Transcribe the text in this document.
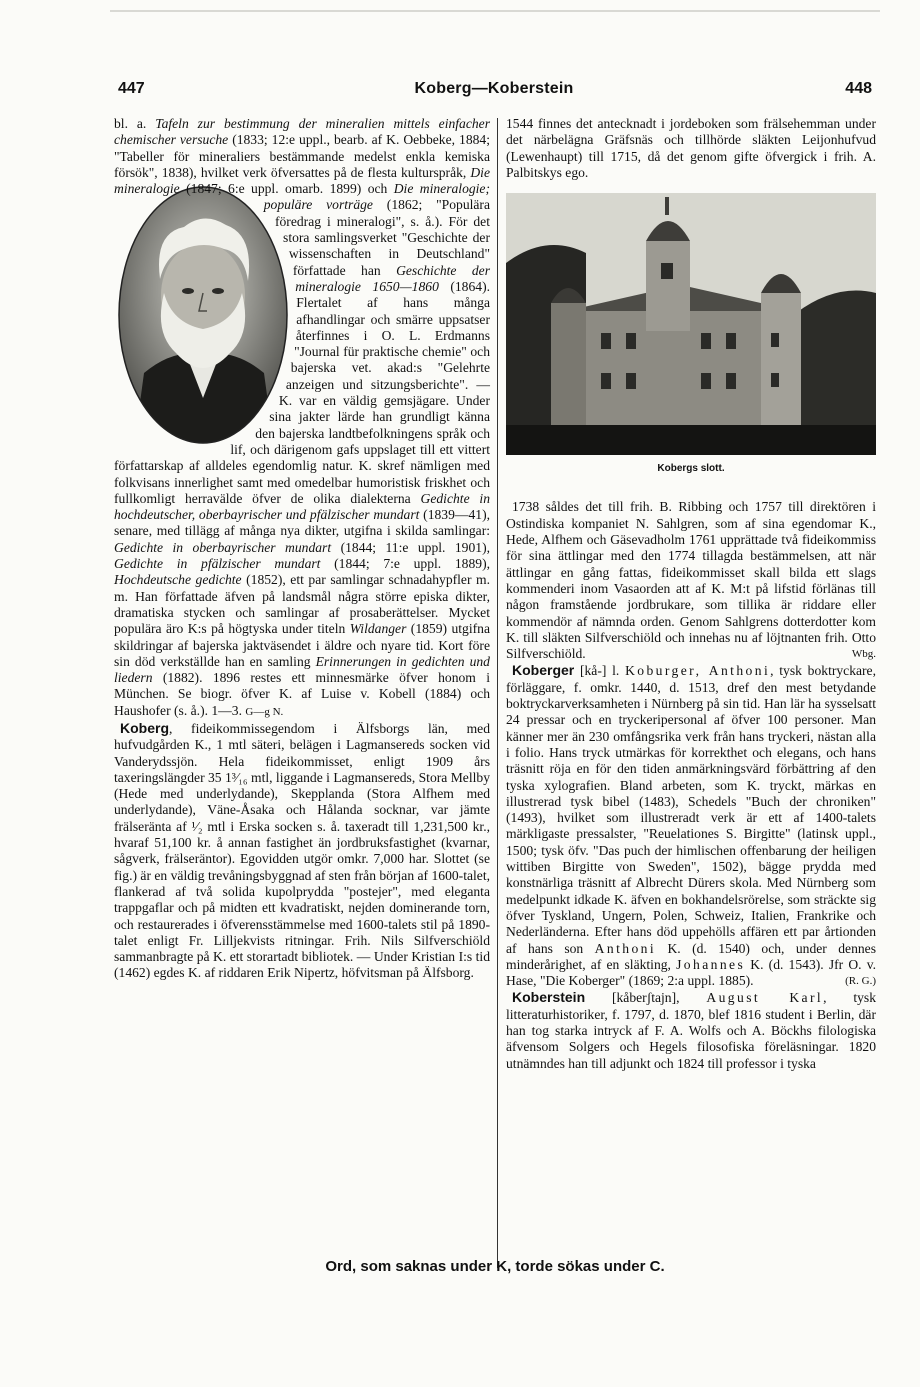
447	Koberg—Koberstein	448

bl. a. Tafeln zur bestimmung der mineralien mittels einfacher chemischer versuche (1833; 12:e uppl., bearb. af K. Oebbeke, 1884; "Tabeller för mineraliers bestämmande medelst enkla kemiska försök", 1838), hvilket verk öfversattes på de flesta kulturspråk, Die mineralogie
(1847; 6:e uppl. omarb. 1899) och Die mineralogie; populäre vorträge (1862; "Populära föredrag i mineralogi", s. å.). För det stora samlingsverket "Geschichte der wissenschaften in Deutschland" författade han Geschichte der mineralogie 1650—1860 (1864). Flertalet af hans många afhandlingar och smärre uppsatser återfinnes i O. L. Erdmanns "Journal für praktische chemie" och bajerska vet. akad:s "Gelehrte anzeigen und sitzungsberichte". — K. var en väldig gemsjägare. Under sina jakter lärde han grundligt känna den bajerska landtbefolkningens språk och lif, och därigenom gafs uppslaget till ett vittert författarskap af alldeles egendomlig natur. K. skref nämligen med folkvisans innerlighet samt med omedelbar humoristisk friskhet och fullkomligt herravälde öfver de olika dialekterna Gedichte in hochdeutscher, oberbayrischer und pfälzischer mundart (1839—41), senare, med tillägg af många nya dikter, utgifna i skilda samlingar: Gedichte in oberbayrischer mundart (1844; 11:e uppl. 1901), Gedichte in pfälzischer mundart (1844; 7:e uppl. 1889), Hochdeutsche gedichte (1852), ett par samlingar schnadahypfler m. m. Han författade äfven på landsmål några större episka dikter, dramatiska stycken och samlingar af prosaberättelser. Mycket populära äro K:s på högtyska under titeln Wildanger (1859) utgifna skildringar af bajerska jaktväsendet i äldre och nyare tid. Kort före sin död verkställde han en samling Erinnerungen in gedichten und liedern (1882). 1896 restes ett minnesmärke öfver honom i München. Se biogr. öfver K. af Luise v. Kobell (1884) och Haushofer (s. å.). 1—3. G—g N.

Koberg, fideikommissegendom i Älfsborgs län, med hufvudgården K., 1 mtl säteri, belägen i Lagmansereds socken vid Vanderydssjön. Hela fideikommisset, enligt 1909 års taxeringslängder 35 1³⁄₁₆ mtl, liggande i Lagmansereds, Stora Mellby (Hede med underlydande), Skepplanda (Stora Alfhem med underlydande), Väne-Åsaka och Hålanda socknar, var jämte frälseränta af ¹⁄₂ mtl i Erska socken s. å. taxeradt till 1,231,500 kr., hvaraf 51,100 kr. å annan fastighet än jordbruksfastighet (kvarnar, sågverk, frälseräntor). Egovidden utgör omkr. 7,000 har. Slottet (se fig.) är en väldig trevåningsbyggnad af sten från början af 1600-talet, flankerad af två solida kupolprydda "postejer", med eleganta trappgaflar och på midten ett kvadratiskt, nejden dominerande torn, och restaurerades i öfverensstämmelse med 1600-talets stil på 1890-talet enligt Fr. Lilljekvists ritningar. Frih. Nils Silfverschiöld sammanbragte på K. ett storartadt bibliotek. — Under Kristian I:s tid (1462) egdes K. af riddaren Erik Nipertz, höfvitsman på Älfsborg.

1544 finnes det antecknadt i jordeboken som frälsehemman under det närbelägna Gräfsnäs och tillhörde släkten Leijonhufvud (Lewenhaupt) till 1715, då det genom gifte öfvergick i frih. A. Palbitskys ego.

Kobergs slott.

1738 såldes det till frih. B. Ribbing och 1757 till direktören i Ostindiska kompaniet N. Sahlgren, som af sina egendomar K., Hede, Alfhem och Gäsevadholm 1761 upprättade två fideikommiss för sina ättlingar med den 1774 tillagda bestämmelsen, att när ättlingar en gång fattas, fideikommisset skall bilda ett slags kommenderi inom Vasaorden att af K. M:t på lifstid förlänas till någon framstående jordbrukare, som tillika är riddare eller kommendör af nämnda orden. Genom Sahlgrens dotterdotter kom K. till släkten Silfverschiöld och innehas nu af löjtnanten frih. Otto Silfverschiöld.	Wbg.

Koberger [kå-] l. Koburger, Anthoni, tysk boktryckare, förläggare, f. omkr. 1440, d. 1513, dref den mest betydande boktryckarverksamheten i Nürnberg på sin tid. Han lär ha sysselsatt 24 pressar och en tryckeripersonal af öfver 100 personer. Man känner mer än 230 omfångsrika verk från hans tryckeri, nästan alla i folio. Hans tryck utmärkas för korrekthet och elegans, och hans träsnitt röja en för den tiden anmärkningsvärd förbättring af den tyska xylografien. Bland arbeten, som K. tryckt, märkas en illustrerad tysk bibel (1483), Schedels "Buch der chroniken" (1493), hvilket som illustreradt verk är ett af 1400-talets märkligaste pressalster, "Reuelationes S. Birgitte" (latinsk uppl., 1500; tysk öfv. "Das puch der himlischen offenbarung der heiligen wittiben Birgitte von Sweden", 1502), bägge prydda med konstnärliga träsnitt af Albrecht Dürers skola. Med Nürnberg som medelpunkt idkade K. äfven en bokhandelsrörelse, som sträckte sig öfver Tyskland, Ungern, Polen, Schweiz, Italien, Frankrike och Nederländerna. Efter hans död uppehölls affären ett par årtionden af hans son Anthoni K. (d. 1540) och, under dennes minderårighet, af en släkting, Johannes K. (d. 1543). Jfr O. v. Hase, "Die Koberger" (1869; 2:a uppl. 1885).	(R. G.)

Koberstein [kåberʃtajn], August Karl, tysk litteraturhistoriker, f. 1797, d. 1870, blef 1816 student i Berlin, där han tog starka intryck af F. A. Wolfs och A. Böckhs filologiska äfvensom Solgers och Hegels filosofiska föreläsningar. 1820 utnämndes han till adjunkt och 1824 till professor i tyska

Ord, som saknas under K, torde sökas under C.
